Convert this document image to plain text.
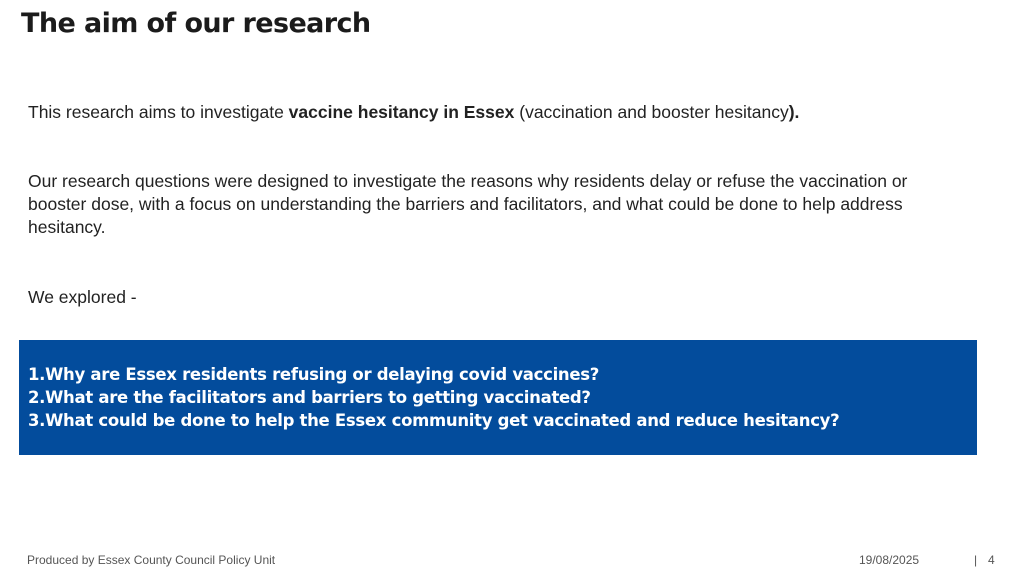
The aim of our research

This research aims to investigate vaccine hesitancy in Essex (vaccination and booster hesitancy).

Our research questions were designed to investigate the reasons why residents delay or refuse the vaccination or booster dose, with a focus on understanding the barriers and facilitators, and what could be done to help address hesitancy.

We explored -

1.Why are Essex residents refusing or delaying covid vaccines?
2.What are the facilitators and barriers to getting vaccinated?
3.What could be done to help the Essex community get vaccinated and reduce hesitancy?
Produced by Essex County Council Policy Unit	19/08/2025	| 4
